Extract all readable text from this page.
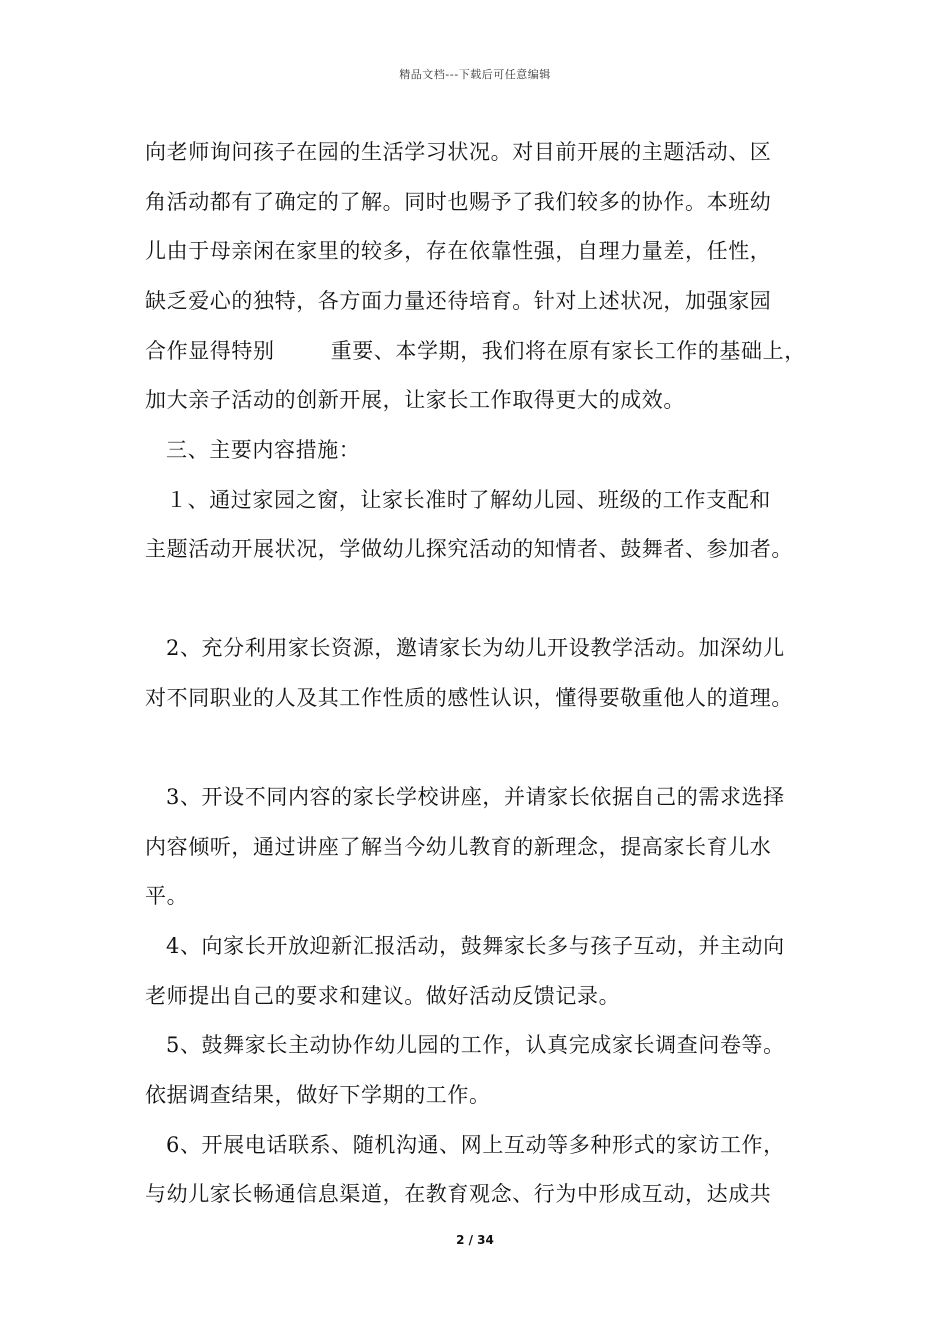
精品文档---下载后可任意编辑
向老师询问孩子在园的生活学习状况。对目前开展的主题活动、区
角活动都有了确定的了解。同时也赐予了我们较多的协作。本班幼
儿由于母亲闲在家里的较多，存在依靠性强，自理力量差，任性，
缺乏爱心的独特，各方面力量还待培育。针对上述状况，加强家园
合作显得特别	重要、本学期，我们将在原有家长工作的基础上，
加大亲子活动的创新开展，让家长工作取得更大的成效。
三、主要内容措施：
１、通过家园之窗，让家长准时了解幼儿园、班级的工作支配和
主题活动开展状况，学做幼儿探究活动的知情者、鼓舞者、参加者。
2、充分利用家长资源，邀请家长为幼儿开设教学活动。加深幼儿
对不同职业的人及其工作性质的感性认识，懂得要敬重他人的道理。
3、开设不同内容的家长学校讲座，并请家长依据自己的需求选择
内容倾听，通过讲座了解当今幼儿教育的新理念，提高家长育儿水
平。
4、向家长开放迎新汇报活动，鼓舞家长多与孩子互动，并主动向
老师提出自己的要求和建议。做好活动反馈记录。
5、鼓舞家长主动协作幼儿园的工作，认真完成家长调查问卷等。
依据调查结果，做好下学期的工作。
6、开展电话联系、随机沟通、网上互动等多种形式的家访工作，
与幼儿家长畅通信息渠道，在教育观念、行为中形成互动，达成共
2 / 34
